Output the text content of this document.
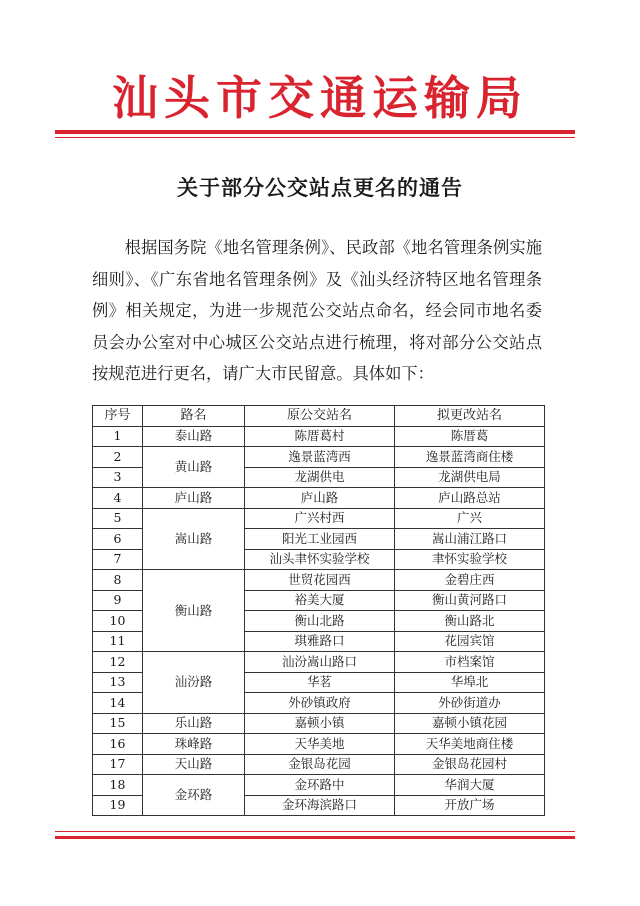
汕头市交通运输局
关于部分公交站点更名的通告
根据国务院《地名管理条例》、民政部《地名管理条例实施细则》、《广东省地名管理条例》及《汕头经济特区地名管理条例》相关规定，为进一步规范公交站点命名，经会同市地名委员会办公室对中心城区公交站点进行梳理，将对部分公交站点按规范进行更名，请广大市民留意。具体如下：
序号	路名	原公交站名	拟更改站名
1	泰山路	陈厝葛村	陈厝葛
2	黄山路	逸景蓝湾西	逸景蓝湾商住楼
3		龙湖供电	龙湖供电局
4	庐山路	庐山路	庐山路总站
5	嵩山路	广兴村西	广兴
6		阳光工业园西	嵩山浦江路口
7		汕头聿怀实验学校	聿怀实验学校
8	衡山路	世贸花园西	金碧庄西
9		裕美大厦	衡山黄河路口
10		衡山北路	衡山路北
11		琪雅路口	花园宾馆
12	汕汾路	汕汾嵩山路口	市档案馆
13		华茗	华埠北
14		外砂镇政府	外砂街道办
15	乐山路	嘉顿小镇	嘉顿小镇花园
16	珠峰路	天华美地	天华美地商住楼
17	天山路	金银岛花园	金银岛花园村
18	金环路	金环路中	华润大厦
19		金环海滨路口	开放广场
